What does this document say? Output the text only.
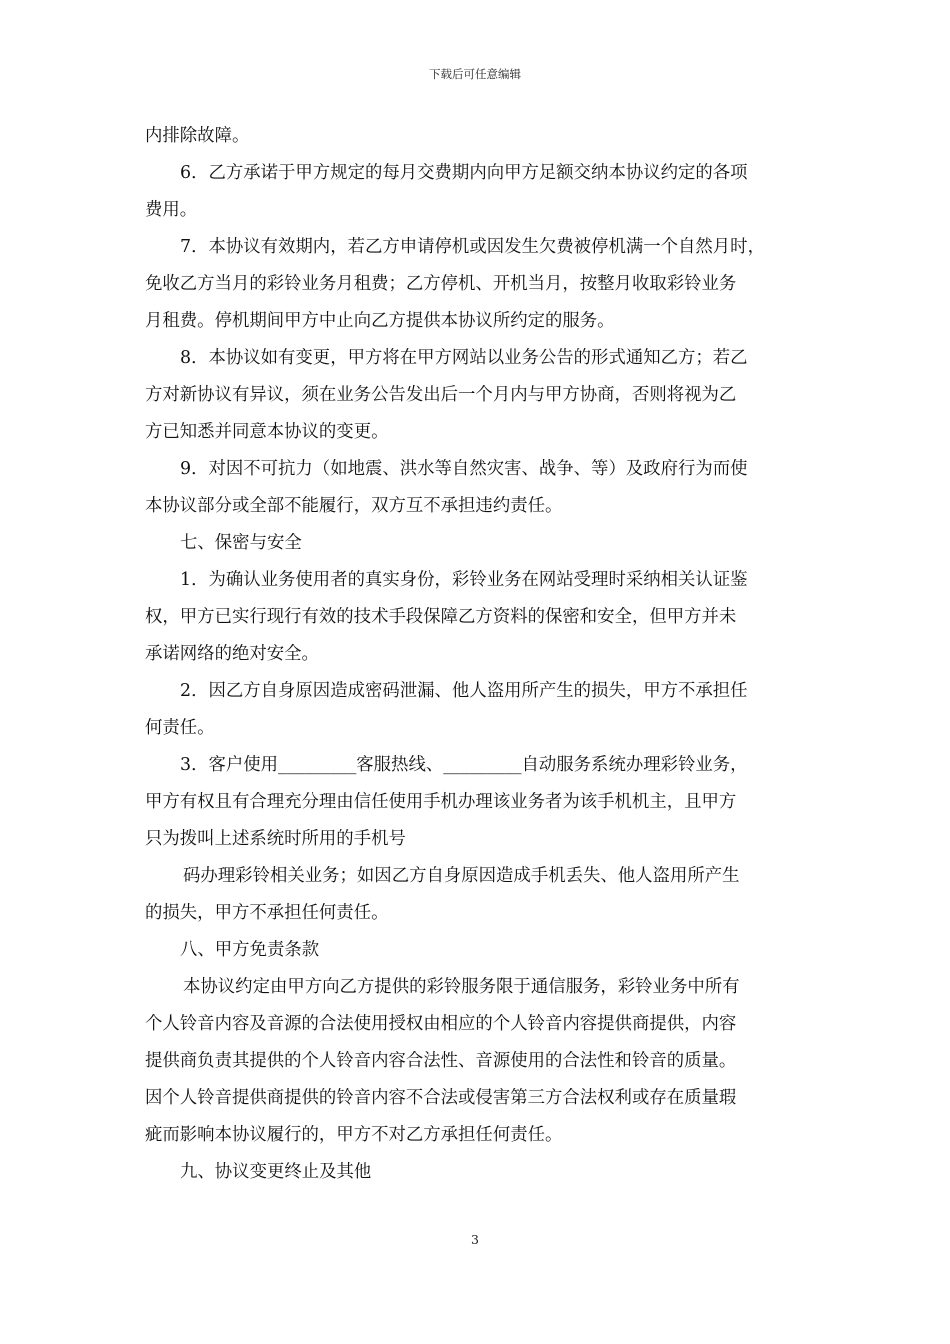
下载后可任意编辑
内排除故障。
6．乙方承诺于甲方规定的每月交费期内向甲方足额交纳本协议约定的各项
费用。
7．本协议有效期内，若乙方申请停机或因发生欠费被停机满一个自然月时，
免收乙方当月的彩铃业务月租费；乙方停机、开机当月，按整月收取彩铃业务
月租费。停机期间甲方中止向乙方提供本协议所约定的服务。
8．本协议如有变更，甲方将在甲方网站以业务公告的形式通知乙方；若乙
方对新协议有异议，须在业务公告发出后一个月内与甲方协商，否则将视为乙
方已知悉并同意本协议的变更。
9．对因不可抗力（如地震、洪水等自然灾害、战争、等）及政府行为而使
本协议部分或全部不能履行，双方互不承担违约责任。
七、保密与安全
1．为确认业务使用者的真实身份，彩铃业务在网站受理时采纳相关认证鉴
权，甲方已实行现行有效的技术手段保障乙方资料的保密和安全，但甲方并未
承诺网络的绝对安全。
2．因乙方自身原因造成密码泄漏、他人盗用所产生的损失，甲方不承担任
何责任。
3．客户使用_________客服热线、_________自动服务系统办理彩铃业务，
甲方有权且有合理充分理由信任使用手机办理该业务者为该手机机主，且甲方
只为拨叫上述系统时所用的手机号
码办理彩铃相关业务；如因乙方自身原因造成手机丢失、他人盗用所产生
的损失，甲方不承担任何责任。
八、甲方免责条款
本协议约定由甲方向乙方提供的彩铃服务限于通信服务，彩铃业务中所有
个人铃音内容及音源的合法使用授权由相应的个人铃音内容提供商提供，内容
提供商负责其提供的个人铃音内容合法性、音源使用的合法性和铃音的质量。
因个人铃音提供商提供的铃音内容不合法或侵害第三方合法权利或存在质量瑕
疵而影响本协议履行的，甲方不对乙方承担任何责任。
九、协议变更终止及其他
3
